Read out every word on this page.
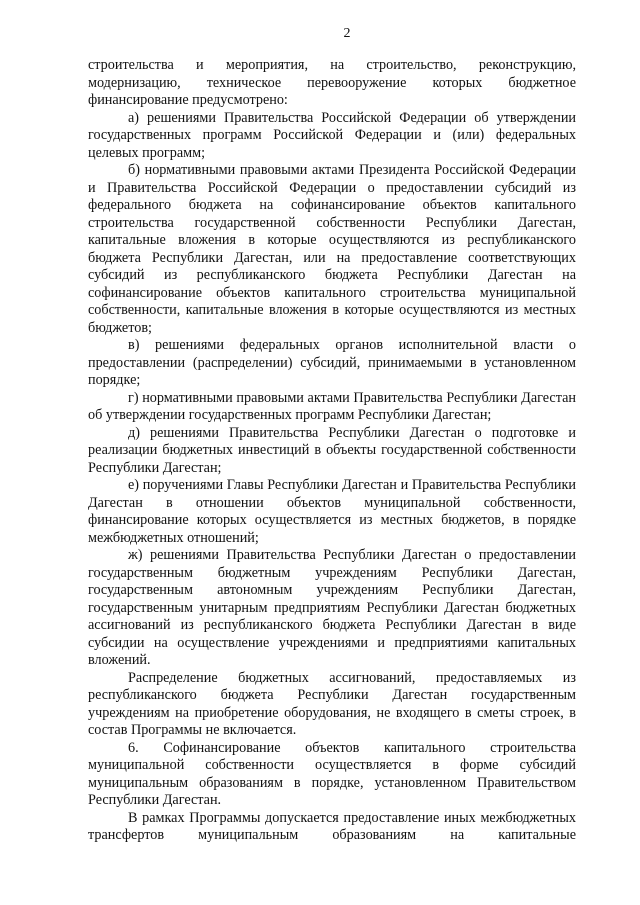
2

строительства и мероприятия, на строительство, реконструкцию, модернизацию, техническое перевооружение которых бюджетное финансирование предусмотрено:

а) решениями Правительства Российской Федерации об утверждении государственных программ Российской Федерации и (или) федеральных целевых программ;

б) нормативными правовыми актами Президента Российской Федерации и Правительства Российской Федерации о предоставлении субсидий из федерального бюджета на софинансирование объектов капитального строительства государственной собственности Республики Дагестан, капитальные вложения в которые осуществляются из республиканского бюджета Республики Дагестан, или на предоставление соответствующих субсидий из республиканского бюджета Республики Дагестан на софинансирование объектов капитального строительства муниципальной собственности, капитальные вложения в которые осуществляются из местных бюджетов;

в) решениями федеральных органов исполнительной власти о предоставлении (распределении) субсидий, принимаемыми в установленном порядке;

г) нормативными правовыми актами Правительства Республики Дагестан об утверждении государственных программ Республики Дагестан;

д) решениями Правительства Республики Дагестан о подготовке и реализации бюджетных инвестиций в объекты государственной собственности Республики Дагестан;

е) поручениями Главы Республики Дагестан и Правительства Республики Дагестан в отношении объектов муниципальной собственности, финансирование которых осуществляется из местных бюджетов, в порядке межбюджетных отношений;

ж) решениями Правительства Республики Дагестан о предоставлении государственным бюджетным учреждениям Республики Дагестан, государственным автономным учреждениям Республики Дагестан, государственным унитарным предприятиям Республики Дагестан бюджетных ассигнований из республиканского бюджета Республики Дагестан в виде субсидии на осуществление учреждениями и предприятиями капитальных вложений.

Распределение бюджетных ассигнований, предоставляемых из республиканского бюджета Республики Дагестан государственным учреждениям на приобретение оборудования, не входящего в сметы строек, в состав Программы не включается.

6. Софинансирование объектов капитального строительства муниципальной собственности осуществляется в форме субсидий муниципальным образованиям в порядке, установленном Правительством Республики Дагестан.

В рамках Программы допускается предоставление иных межбюджетных трансфертов муниципальным образованиям на капитальные
